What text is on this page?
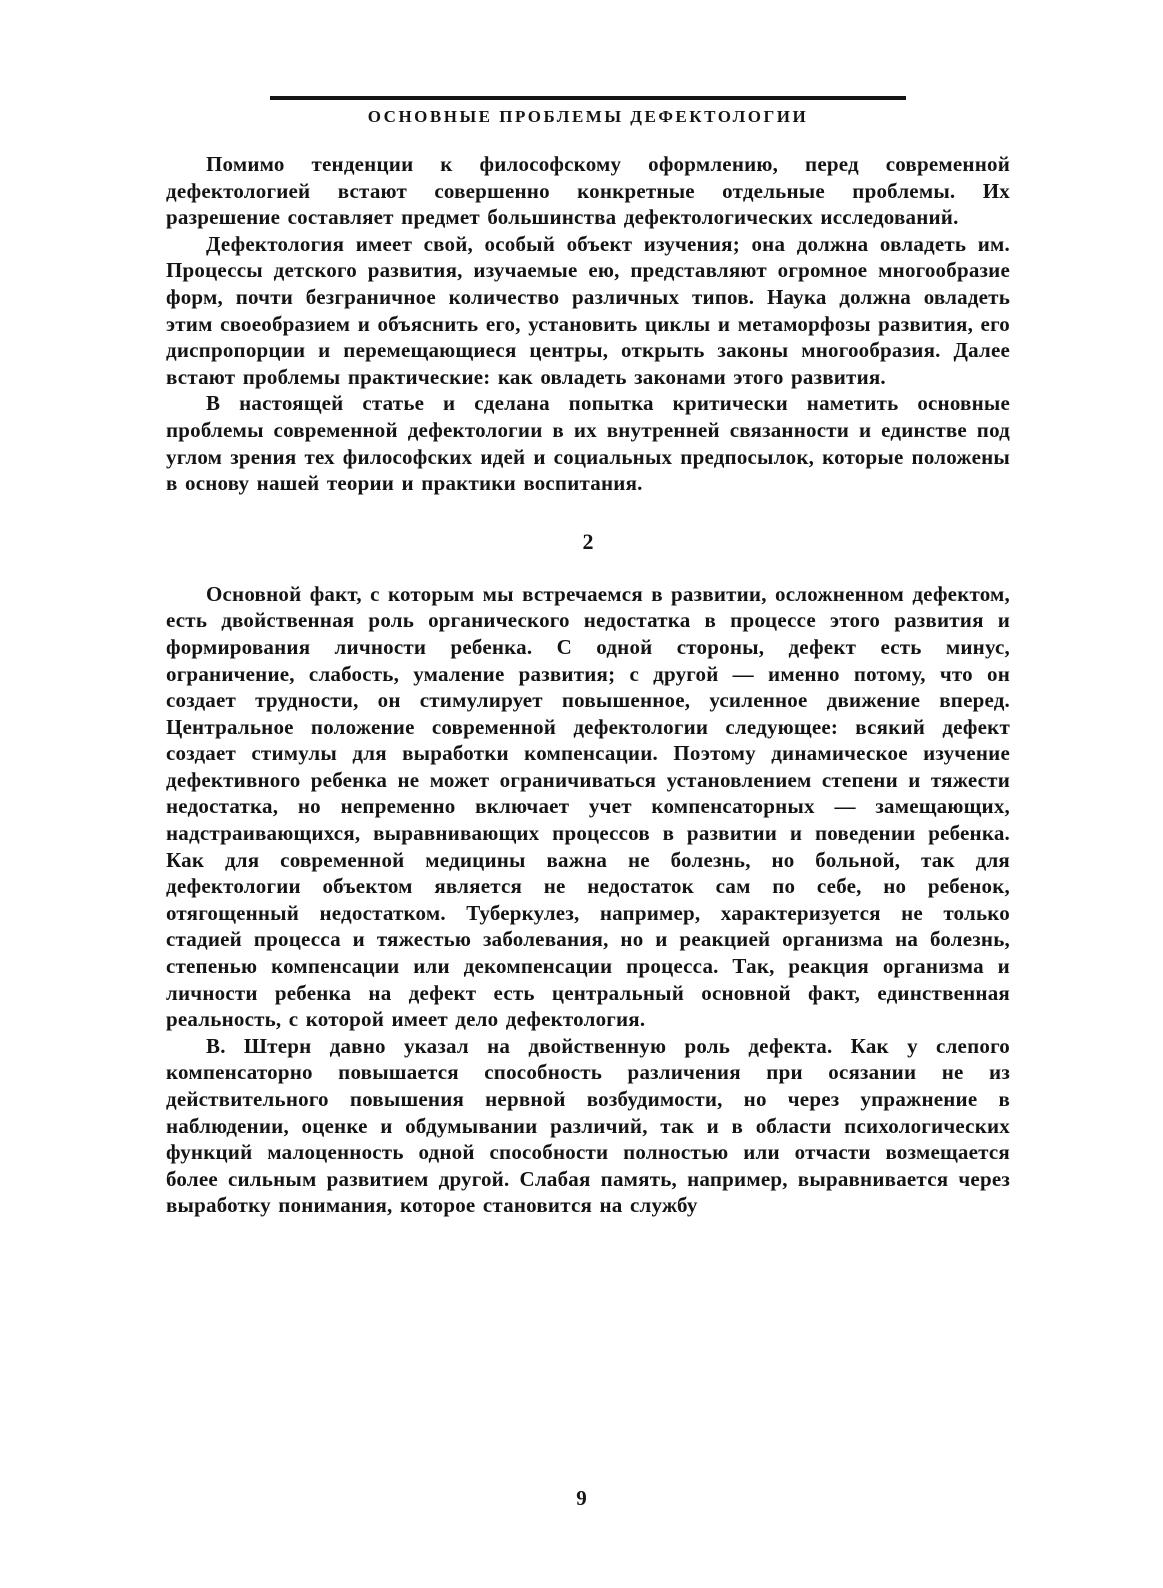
ОСНОВНЫЕ ПРОБЛЕМЫ ДЕФЕКТОЛОГИИ

Помимо тенденции к философскому оформлению, перед современной дефектологией встают совершенно конкретные отдельные проблемы. Их разрешение составляет предмет большинства дефектологических исследований.

Дефектология имеет свой, особый объект изучения; она должна овладеть им. Процессы детского развития, изучаемые ею, представляют огромное многообразие форм, почти безграничное количество различных типов. Наука должна овладеть этим своеобразием и объяснить его, установить циклы и метаморфозы развития, его диспропорции и перемещающиеся центры, открыть законы многообразия. Далее встают проблемы практические: как овладеть законами этого развития.

В настоящей статье и сделана попытка критически наметить основные проблемы современной дефектологии в их внутренней связанности и единстве под углом зрения тех философских идей и социальных предпосылок, которые положены в основу нашей теории и практики воспитания.

2

Основной факт, с которым мы встречаемся в развитии, осложненном дефектом, есть двойственная роль органического недостатка в процессе этого развития и формирования личности ребенка. С одной стороны, дефект есть минус, ограничение, слабость, умаление развития; с другой — именно потому, что он создает трудности, он стимулирует повышенное, усиленное движение вперед. Центральное положение современной дефектологии следующее: всякий дефект создает стимулы для выработки компенсации. Поэтому динамическое изучение дефективного ребенка не может ограничиваться установлением степени и тяжести недостатка, но непременно включает учет компенсаторных — замещающих, надстраивающихся, выравнивающих процессов в развитии и поведении ребенка. Как для современной медицины важна не болезнь, но больной, так для дефектологии объектом является не недостаток сам по себе, но ребенок, отягощенный недостатком. Туберкулез, например, характеризуется не только стадией процесса и тяжестью заболевания, но и реакцией организма на болезнь, степенью компенсации или декомпенсации процесса. Так, реакция организма и личности ребенка на дефект есть центральный основной факт, единственная реальность, с которой имеет дело дефектология.

В. Штерн давно указал на двойственную роль дефекта. Как у слепого компенсаторно повышается способность различения при осязании не из действительного повышения нервной возбудимости, но через упражнение в наблюдении, оценке и обдумывании различий, так и в области психологических функций малоценность одной способности полностью или отчасти возмещается более сильным развитием другой. Слабая память, например, выравнивается через выработку понимания, которое становится на службу

9
